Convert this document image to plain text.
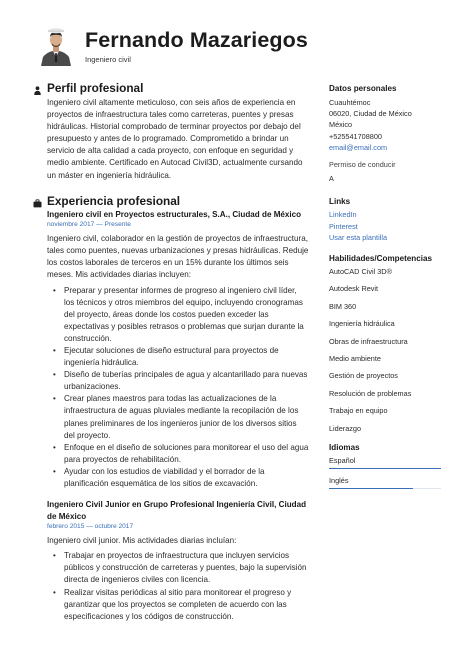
Fernando Mazariegos
Ingeniero civil
Perfil profesional

Ingeniero civil altamente meticuloso, con seis años de experiencia en proyectos de infraestructura tales como carreteras, puentes y presas hidráulicas. Historial comprobado de terminar proyectos por debajo del presupuesto y antes de lo programado. Comprometido a brindar un servicio de alta calidad a cada proyecto, con enfoque en seguridad y medio ambiente. Certificado en Autocad Civil3D, actualmente cursando un máster en ingeniería hidráulica.

Experiencia profesional
Ingeniero civil en Proyectos estructurales, S.A., Ciudad de México
noviembre 2017 — Presente

Ingeniero civil, colaborador en la gestión de proyectos de infraestructura, tales como puentes, nuevas urbanizaciones y presas hidráulicas. Reduje los costos laborales de terceros en un 15% durante los últimos seis meses. Mis actividades diarias incluyen:

• Preparar y presentar informes de progreso al ingeniero civil líder, los técnicos y otros miembros del equipo, incluyendo cronogramas del proyecto, áreas donde los costos pueden exceder las expectativas y posibles retrasos o problemas que surjan durante la construcción.
• Ejecutar soluciones de diseño estructural para proyectos de ingeniería hidráulica.
• Diseño de tuberías principales de agua y alcantarillado para nuevas urbanizaciones.
• Crear planes maestros para todas las actualizaciones de la infraestructura de aguas pluviales mediante la recopilación de los planes preliminares de los ingenieros junior de los diversos sitios del proyecto.
• Enfoque en el diseño de soluciones para monitorear el uso del agua para proyectos de rehabilitación.
• Ayudar con los estudios de viabilidad y el borrador de la planificación esquemática de los sitios de excavación.
Ingeniero Civil Junior en Grupo Profesional Ingeniería Civil, Ciudad de México
febrero 2015 — octubre 2017

Ingeniero civil junior. Mis actividades diarias incluían:

• Trabajar en proyectos de infraestructura que incluyen servicios públicos y construcción de carreteras y puentes, bajo la supervisión directa de ingenieros civiles con licencia.
• Realizar visitas periódicas al sitio para monitorear el progreso y garantizar que los proyectos se completen de acuerdo con las especificaciones y los códigos de construcción.
Datos personales
Cuauhtémoc
06020, Ciudad de México
México
+525541708800
email@email.com
Permiso de conducir
A
Links
LinkedIn
Pinterest
Usar esta plantilla
Habilidades/Competencias
AutoCAD Civil 3D®
Autodesk Revit
BIM 360
Ingeniería hidráulica
Obras de infraestructura
Medio ambiente
Gestión de proyectos
Resolución de problemas
Trabajo en equipo
Liderazgo
Idiomas
Español
Inglés
